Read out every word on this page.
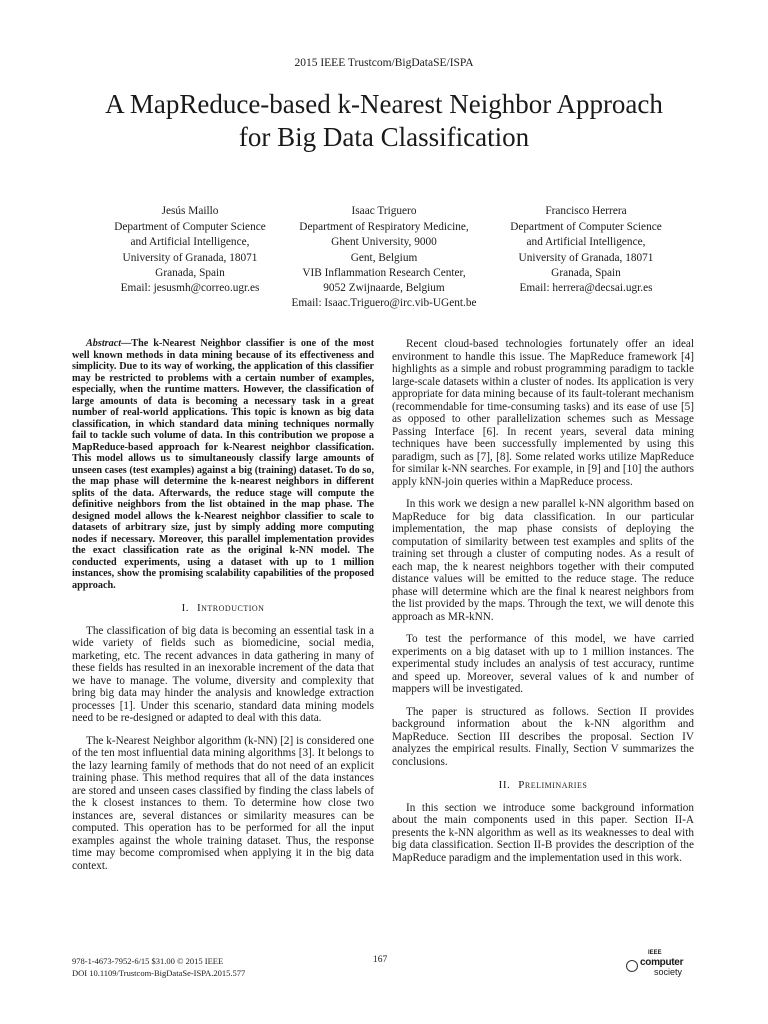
2015 IEEE Trustcom/BigDataSE/ISPA
A MapReduce-based k-Nearest Neighbor Approach
for Big Data Classification
Jesús Maillo
Department of Computer Science
and Artificial Intelligence,
University of Granada, 18071
Granada, Spain
Email: jesusmh@correo.ugr.es
Isaac Triguero
Department of Respiratory Medicine,
Ghent University, 9000
Gent, Belgium
VIB Inflammation Research Center,
9052 Zwijnaarde, Belgium
Email: Isaac.Triguero@irc.vib-UGent.be
Francisco Herrera
Department of Computer Science
and Artificial Intelligence,
University of Granada, 18071
Granada, Spain
Email: herrera@decsai.ugr.es

Abstract—The k-Nearest Neighbor classifier is one of the most well known methods in data mining because of its effectiveness and simplicity. Due to its way of working, the application of this classifier may be restricted to problems with a certain number of examples, especially, when the runtime matters. However, the classification of large amounts of data is becoming a necessary task in a great number of real-world applications. This topic is known as big data classification, in which standard data mining techniques normally fail to tackle such volume of data. In this contribution we propose a MapReduce-based approach for k-Nearest neighbor classification. This model allows us to simultaneously classify large amounts of unseen cases (test examples) against a big (training) dataset. To do so, the map phase will determine the k-nearest neighbors in different splits of the data. Afterwards, the reduce stage will compute the definitive neighbors from the list obtained in the map phase. The designed model allows the k-Nearest neighbor classifier to scale to datasets of arbitrary size, just by simply adding more computing nodes if necessary. Moreover, this parallel implementation provides the exact classification rate as the original k-NN model. The conducted experiments, using a dataset with up to 1 million instances, show the promising scalability capabilities of the proposed approach.

I. Introduction

The classification of big data is becoming an essential task in a wide variety of fields such as biomedicine, social media, marketing, etc. The recent advances in data gathering in many of these fields has resulted in an inexorable increment of the data that we have to manage. The volume, diversity and complexity that bring big data may hinder the analysis and knowledge extraction processes [1]. Under this scenario, standard data mining models need to be re-designed or adapted to deal with this data.

The k-Nearest Neighbor algorithm (k-NN) [2] is considered one of the ten most influential data mining algorithms [3]. It belongs to the lazy learning family of methods that do not need of an explicit training phase. This method requires that all of the data instances are stored and unseen cases classified by finding the class labels of the k closest instances to them. To determine how close two instances are, several distances or similarity measures can be computed. This operation has to be performed for all the input examples against the whole training dataset. Thus, the response time may become compromised when applying it in the big data context.

Recent cloud-based technologies fortunately offer an ideal environment to handle this issue. The MapReduce framework [4] highlights as a simple and robust programming paradigm to tackle large-scale datasets within a cluster of nodes. Its application is very appropriate for data mining because of its fault-tolerant mechanism (recommendable for time-consuming tasks) and its ease of use [5] as opposed to other parallelization schemes such as Message Passing Interface [6]. In recent years, several data mining techniques have been successfully implemented by using this paradigm, such as [7], [8]. Some related works utilize MapReduce for similar k-NN searches. For example, in [9] and [10] the authors apply kNN-join queries within a MapReduce process.

In this work we design a new parallel k-NN algorithm based on MapReduce for big data classification. In our particular implementation, the map phase consists of deploying the computation of similarity between test examples and splits of the training set through a cluster of computing nodes. As a result of each map, the k nearest neighbors together with their computed distance values will be emitted to the reduce stage. The reduce phase will determine which are the final k nearest neighbors from the list provided by the maps. Through the text, we will denote this approach as MR-kNN.

To test the performance of this model, we have carried experiments on a big dataset with up to 1 million instances. The experimental study includes an analysis of test accuracy, runtime and speed up. Moreover, several values of k and number of mappers will be investigated.

The paper is structured as follows. Section II provides background information about the k-NN algorithm and MapReduce. Section III describes the proposal. Section IV analyzes the empirical results. Finally, Section V summarizes the conclusions.

II. Preliminaries

In this section we introduce some background information about the main components used in this paper. Section II-A presents the k-NN algorithm as well as its weaknesses to deal with big data classification. Section II-B provides the description of the MapReduce paradigm and the implementation used in this work.

978-1-4673-7952-6/15 $31.00 © 2015 IEEE
DOI 10.1109/Trustcom-BigDataSe-ISPA.2015.577
167
IEEE
computer
society
